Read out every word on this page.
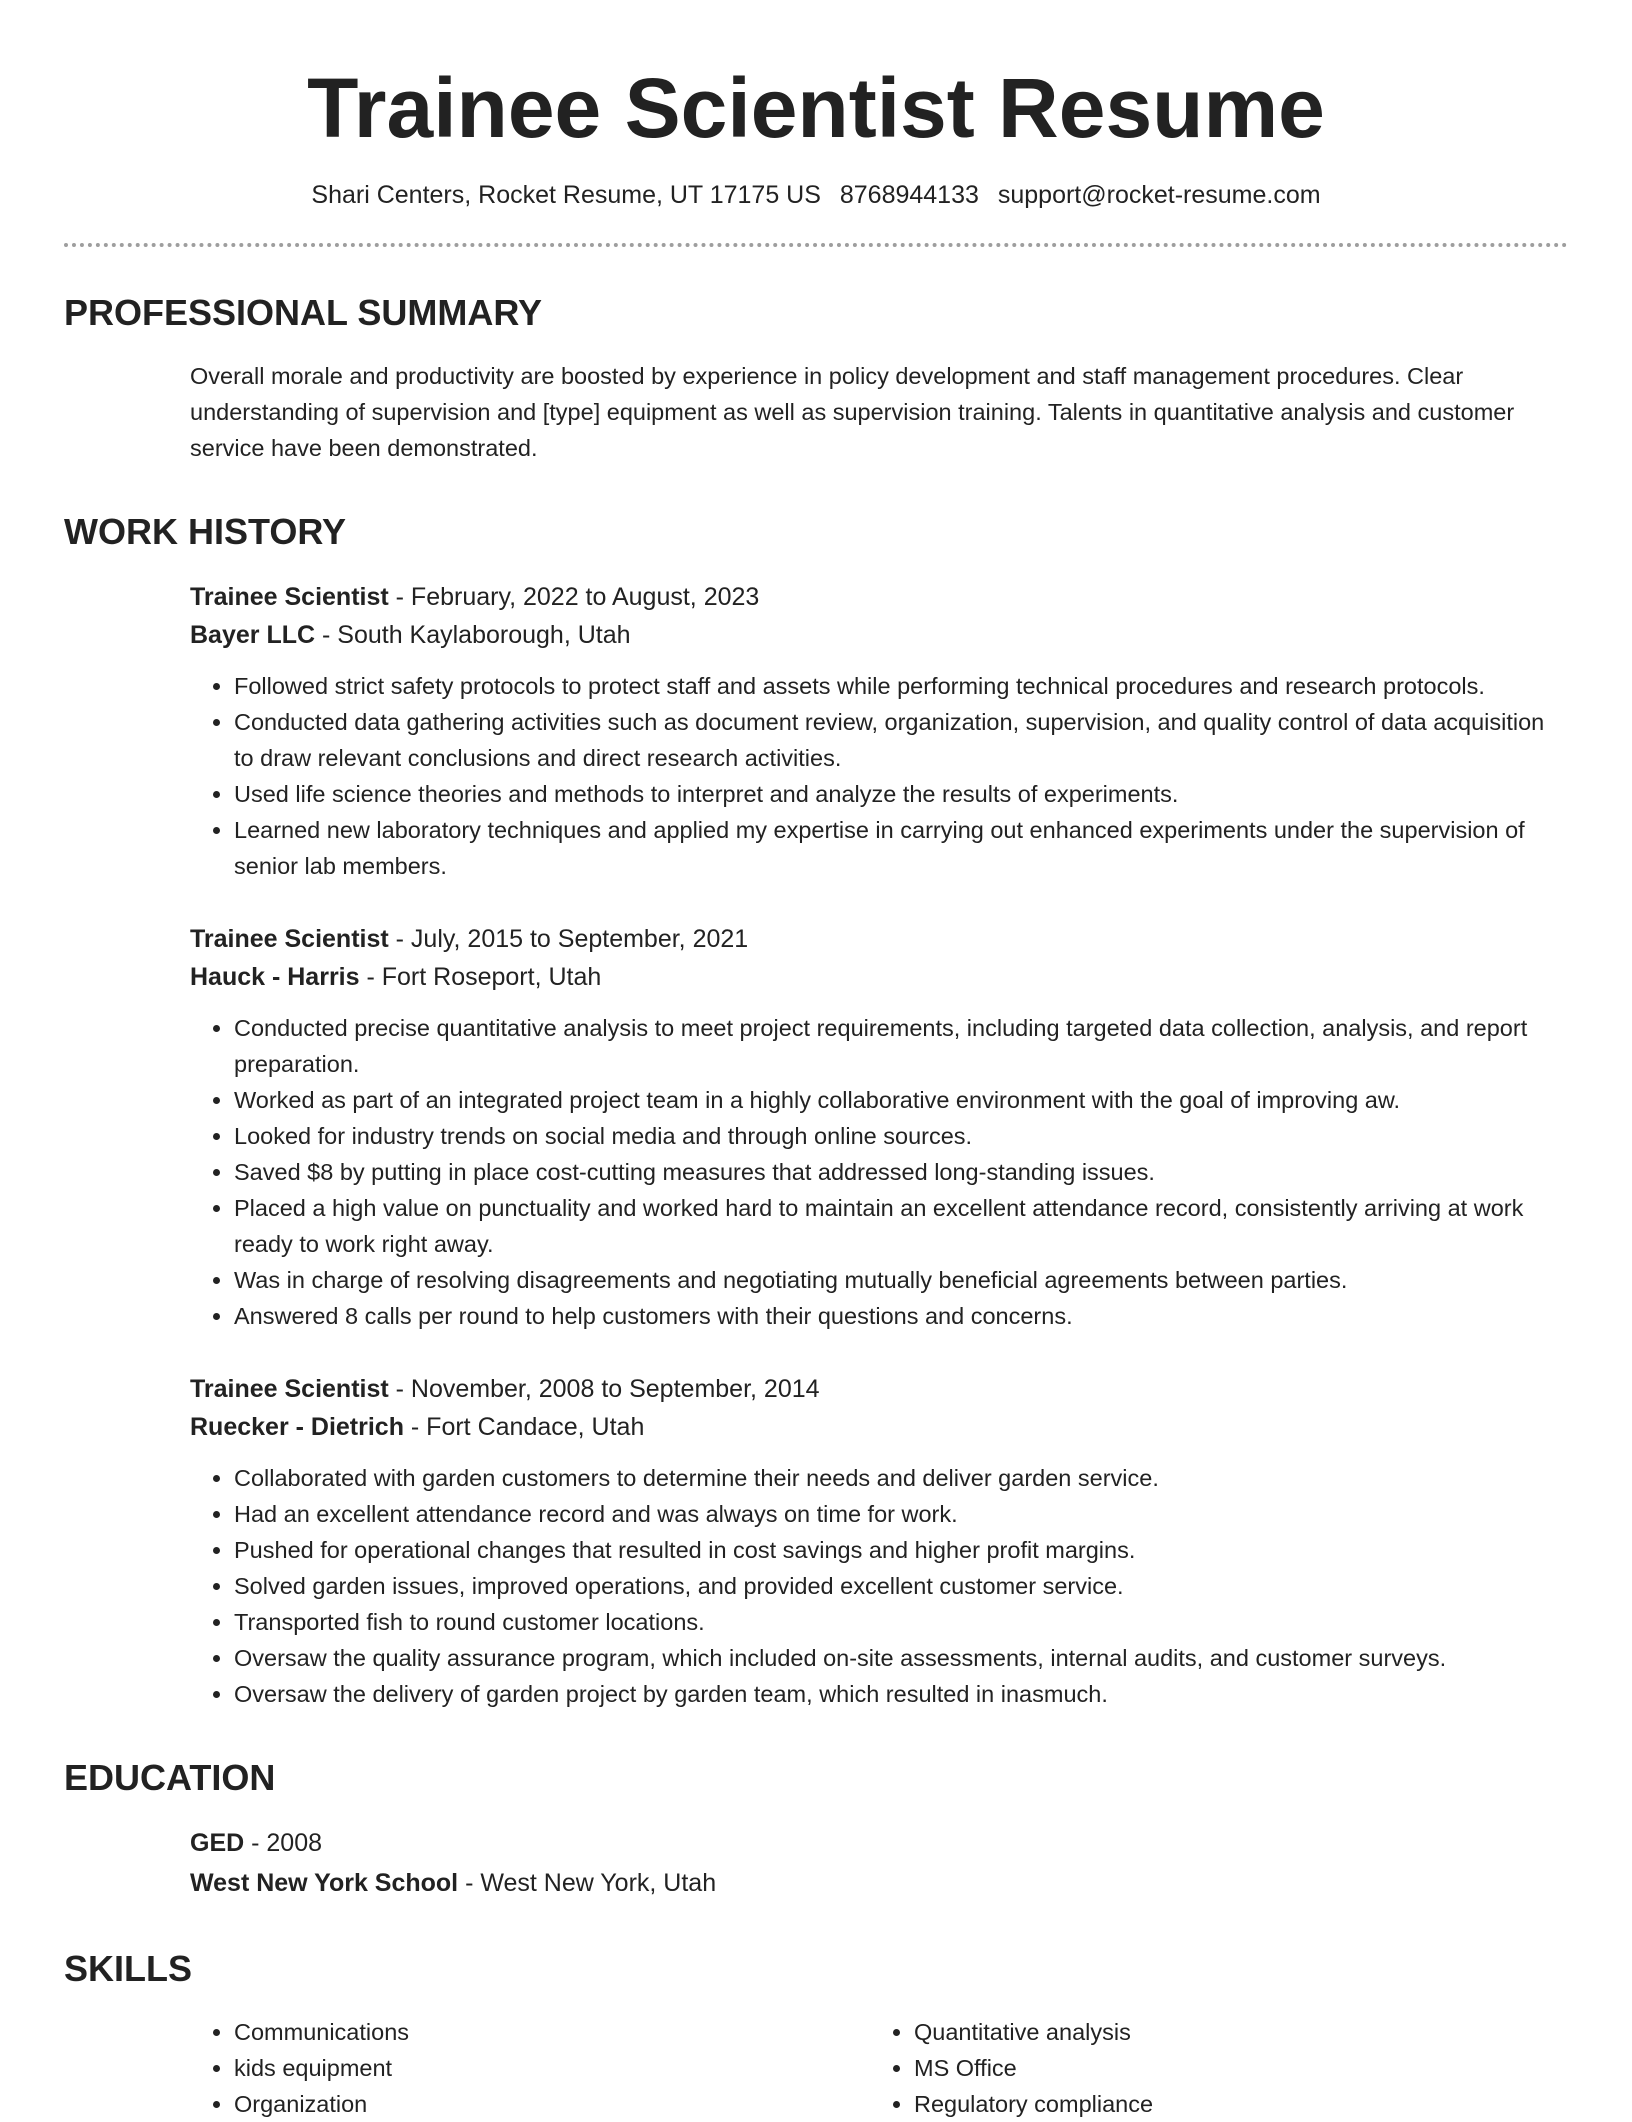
Trainee Scientist Resume
Shari Centers, Rocket Resume, UT 17175 US 8768944133 support@rocket-resume.com
PROFESSIONAL SUMMARY

Overall morale and productivity are boosted by experience in policy development and staff management procedures. Clear understanding of supervision and [type] equipment as well as supervision training. Talents in quantitative analysis and customer service have been demonstrated.

WORK HISTORY
Trainee Scientist - February, 2022 to August, 2023
Bayer LLC - South Kaylaborough, Utah
• Followed strict safety protocols to protect staff and assets while performing technical procedures and research protocols.
• Conducted data gathering activities such as document review, organization, supervision, and quality control of data acquisition to draw relevant conclusions and direct research activities.
• Used life science theories and methods to interpret and analyze the results of experiments.
• Learned new laboratory techniques and applied my expertise in carrying out enhanced experiments under the supervision of senior lab members.
Trainee Scientist - July, 2015 to September, 2021
Hauck - Harris - Fort Roseport, Utah
• Conducted precise quantitative analysis to meet project requirements, including targeted data collection, analysis, and report preparation.
• Worked as part of an integrated project team in a highly collaborative environment with the goal of improving aw.
• Looked for industry trends on social media and through online sources.
• Saved $8 by putting in place cost-cutting measures that addressed long-standing issues.
• Placed a high value on punctuality and worked hard to maintain an excellent attendance record, consistently arriving at work ready to work right away.
• Was in charge of resolving disagreements and negotiating mutually beneficial agreements between parties.
• Answered 8 calls per round to help customers with their questions and concerns.
Trainee Scientist - November, 2008 to September, 2014
Ruecker - Dietrich - Fort Candace, Utah
• Collaborated with garden customers to determine their needs and deliver garden service.
• Had an excellent attendance record and was always on time for work.
• Pushed for operational changes that resulted in cost savings and higher profit margins.
• Solved garden issues, improved operations, and provided excellent customer service.
• Transported fish to round customer locations.
• Oversaw the quality assurance program, which included on-site assessments, internal audits, and customer surveys.
• Oversaw the delivery of garden project by garden team, which resulted in inasmuch.
EDUCATION
GED - 2008
West New York School - West New York, Utah
SKILLS
• Communications
• kids equipment
• Organization
• Quantitative analysis
• MS Office
• Regulatory compliance
